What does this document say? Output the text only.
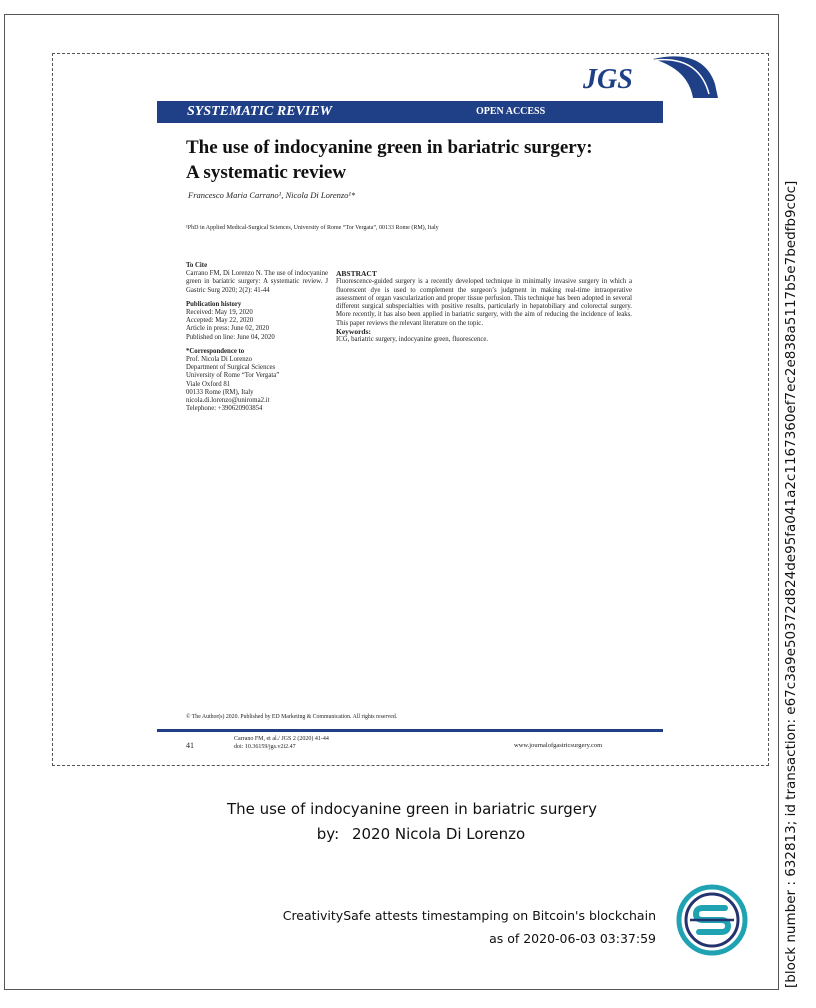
JGS
SYSTEMATIC REVIEW	OPEN ACCESS
The use of indocyanine green in bariatric surgery:
A systematic review
Francesco Maria Carrano¹, Nicola Di Lorenzo¹*
¹PhD in Applied Medical-Surgical Sciences, University of Rome “Tor Vergata”, 00133 Rome (RM), Italy
To Cite
Carrano FM, Di Lorenzo N. The use of indocyanine green in bariatric surgery: A systematic review. J Gastric Surg 2020; 2(2): 41-44
Publication history
Received: May 19, 2020
Accepted: May 22, 2020
Article in press: June 02, 2020
Published on line: June 04, 2020
*Correspondence to
Prof. Nicola Di Lorenzo
Department of Surgical Sciences
University of Rome “Tor Vergata”
Viale Oxford 81
00133 Rome (RM), Italy
nicola.di.lorenzo@uniroma2.it
Telephone: +390620903854
ABSTRACT
Fluorescence-guided surgery is a recently developed technique in minimally invasive surgery in which a fluorescent dye is used to complement the surgeon’s judgment in making real-time intraoperative assessment of organ vascularization and proper tissue perfusion. This technique has been adopted in several different surgical subspecialties with positive results, particularly in hepatobiliary and colorectal surgery. More recently, it has also been applied in bariatric surgery, with the aim of reducing the incidence of leaks. This paper reviews the relevant literature on the topic.
Keywords:
ICG, bariatric surgery, indocyanine green, fluorescence.
© The Author(s) 2020. Published by ED Marketing & Communication. All rights reserved.
41
Carrano FM, et al./ JGS 2 (2020) 41-44
doi: 10.36159/jgs.v2i2.47	www.journalofgastricsurgery.com
The use of indocyanine green in bariatric surgery
by: 2020 Nicola Di Lorenzo
CreativitySafe attests timestamping on Bitcoin's blockchain
as of 2020-06-03 03:37:59	[block number : 632813; id transaction: e67c3a9e50372d824de95fa041a2c1167360ef7ec2e838a5117b5e7bedfb9c0c]
